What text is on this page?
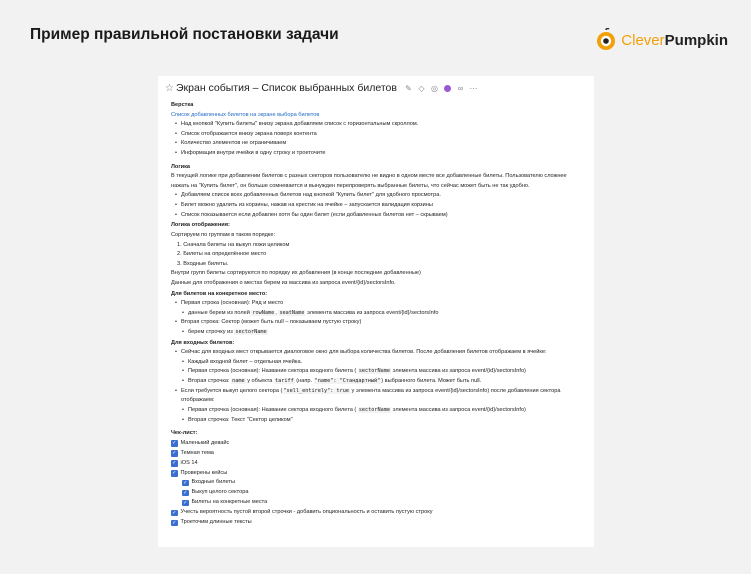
Пример правильной постановки задачи	CleverPumpkin
☆ Экран события – Список выбранных билетов ✎ ◇ ◎ ∞ ⋯
Верстка
Список добавленных билетов на экране выбора билетов
• Над кнопкой "Купить билеты" внизу экрана добавляем список с горизонтальным скроллом.
• Список отображается внизу экрана поверх контента
• Количество элементов не ограничиваем
• Информация внутри ячейки в одну строку и троеточите
Логика
В текущей логике при добавлении билетов с разных секторов пользователю не видно в одном месте все добавленные билеты. Пользователю сложнее нажать на "Купить билет", он больше сомневается и вынужден перепроверять выбранные билеты, что сейчас может быть не так удобно.
• Добавляем список всех добавленных билетов над кнопкой "Купить билет" для удобного просмотра.
• Билет можно удалить из корзины, нажав на крестик на ячейке – запускается валидация корзины
• Список показывается если добавлен хотя бы один билет (если добавленных билетов нет – скрываем)
Логика отображения:
Сортируем по группам в таком порядке:
1. Сначала билеты на выкуп ложи целиком
2. Билеты на определённое место
3. Входные билеты.
Внутри групп билеты сортируются по порядку их добавления (в конце последние добавленные)
Данные для отображения о местах берем из массива из запроса event/{id}/sectorsInfo.
Для билетов на конкретное место:
• Первая строка (основная): Ряд и место
• данные берем из полей rowName, seatName элемента массива из запроса event/{id}/sectorsInfo
• Вторая строка: Сектор (может быть null – показываем пустую строку)
• берем строчку из sectorName
Для входных билетов:
• Сейчас для входных мест открывается диалоговое окно для выбора количества билетов. После добавления билетов отображаем в ячейке:
• Каждый входной билет – отдельная ячейка.
• Первая строчка (основная): Название сектора входного билета ( sectorName элемента массива из запроса event/{id}/sectorsInfo)
• Вторая строчка: name у объекта tariff (напр. "name": "Стандартный") выбранного билета. Может быть null.
• Если требуется выкуп целого сектора ("sell_entirely": true у элемента массива из запроса event/{id}/sectorsInfo) после добавления сектора отображаем:
• Первая строчка (основная): Название сектора входного билета ( sectorName элемента массива из запроса event/{id}/sectorsInfo)
• Вторая строчка: Текст "Сектор целиком"
Чек-лист:
✓ Маленький девайс
✓ Темная тема
✓ iOS 14
✓ Проверены кейсы
✓ Входные билеты
✓ Выкуп целого сектора
✓ Билеты на конкретные места
✓ Учесть вероятность пустой второй строчки - добавить опциональность и оставить пустую строку
✓ Троеточим длинные тексты
